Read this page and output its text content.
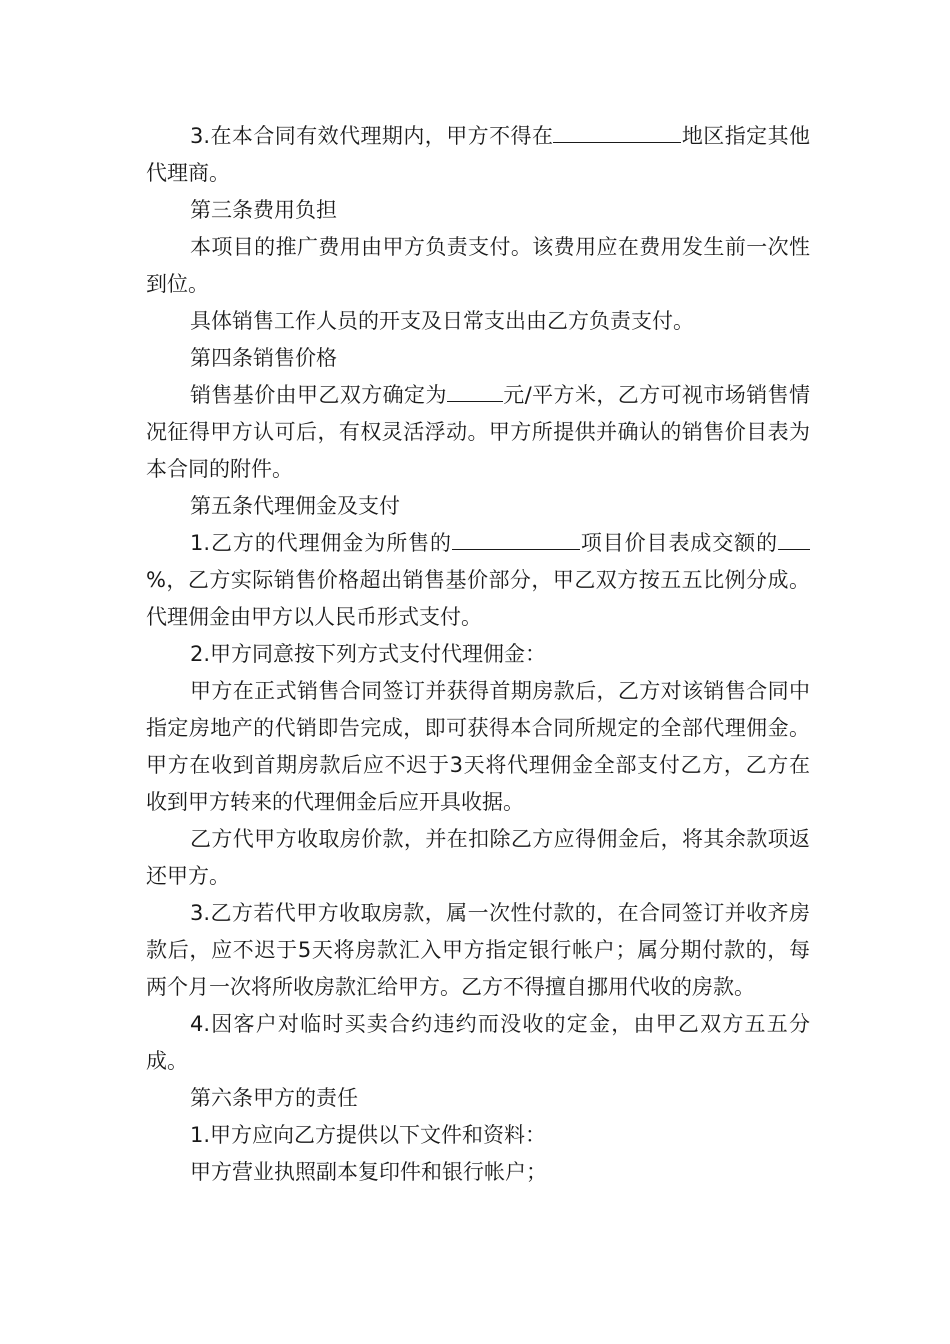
3.在本合同有效代理期内，甲方不得在	地区指定其他代理商。

第三条费用负担

本项目的推广费用由甲方负责支付。该费用应在费用发生前一次性到位。

具体销售工作人员的开支及日常支出由乙方负责支付。

第四条销售价格

销售基价由甲乙双方确定为	元/平方米，乙方可视市场销售情况征得甲方认可后，有权灵活浮动。甲方所提供并确认的销售价目表为本合同的附件。

第五条代理佣金及支付

1.乙方的代理佣金为所售的	项目价目表成交额的%，乙方实际销售价格超出销售基价部分，甲乙双方按五五比例分成。代理佣金由甲方以人民币形式支付。

2.甲方同意按下列方式支付代理佣金：

甲方在正式销售合同签订并获得首期房款后，乙方对该销售合同中指定房地产的代销即告完成，即可获得本合同所规定的全部代理佣金。甲方在收到首期房款后应不迟于3天将代理佣金全部支付乙方，乙方在收到甲方转来的代理佣金后应开具收据。

乙方代甲方收取房价款，并在扣除乙方应得佣金后，将其余款项返还甲方。

3.乙方若代甲方收取房款，属一次性付款的，在合同签订并收齐房款后，应不迟于5天将房款汇入甲方指定银行帐户；属分期付款的，每两个月一次将所收房款汇给甲方。乙方不得擅自挪用代收的房款。

4.因客户对临时买卖合约违约而没收的定金，由甲乙双方五五分成。

第六条甲方的责任

1.甲方应向乙方提供以下文件和资料：

甲方营业执照副本复印件和银行帐户；
